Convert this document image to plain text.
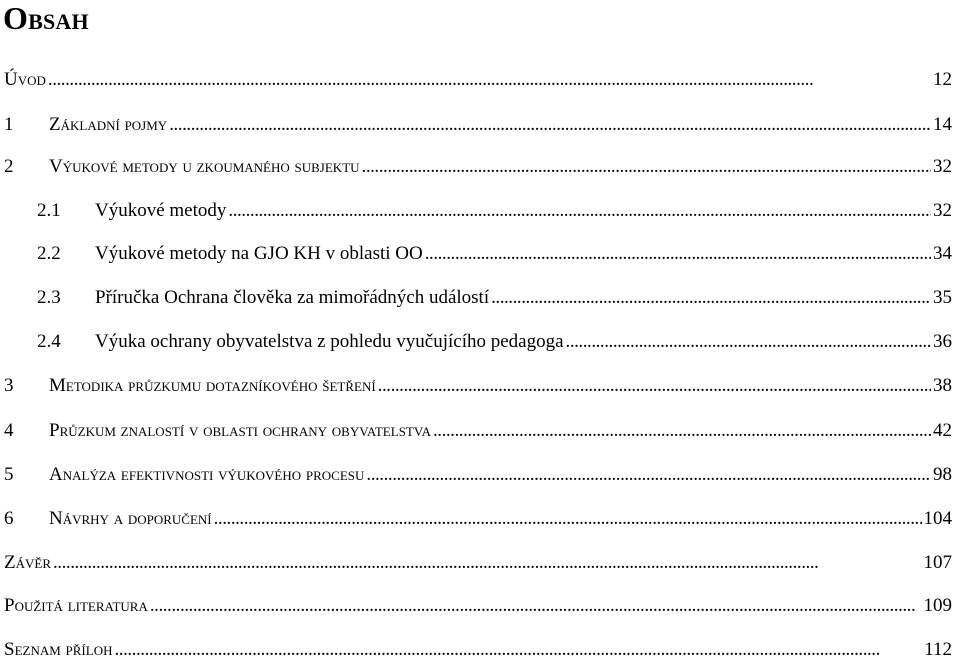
Obsah
Úvod . . .	12
1	Základní pojmy . . .	14
2	Výukové metody u zkoumaného subjektu . . .	32
2.1	Výukové metody . . .	32
2.2	Výukové metody na GJO KH v oblasti OO . . .	34
2.3	Příručka Ochrana člověka za mimořádných událostí . . .	35
2.4	Výuka ochrany obyvatelstva z pohledu vyučujícího pedagoga . . .	36
3	Metodika průzkumu dotazníkového šetření . . .	38
4	Průzkum znalostí v oblasti ochrany obyvatelstva . . .	42
5	Analýza efektivnosti výukového procesu . . .	98
6	Návrhy a doporučení . . .	104
Závěr . . .	107
Použitá literatura . . .	109
Seznam příloh . . .	112
